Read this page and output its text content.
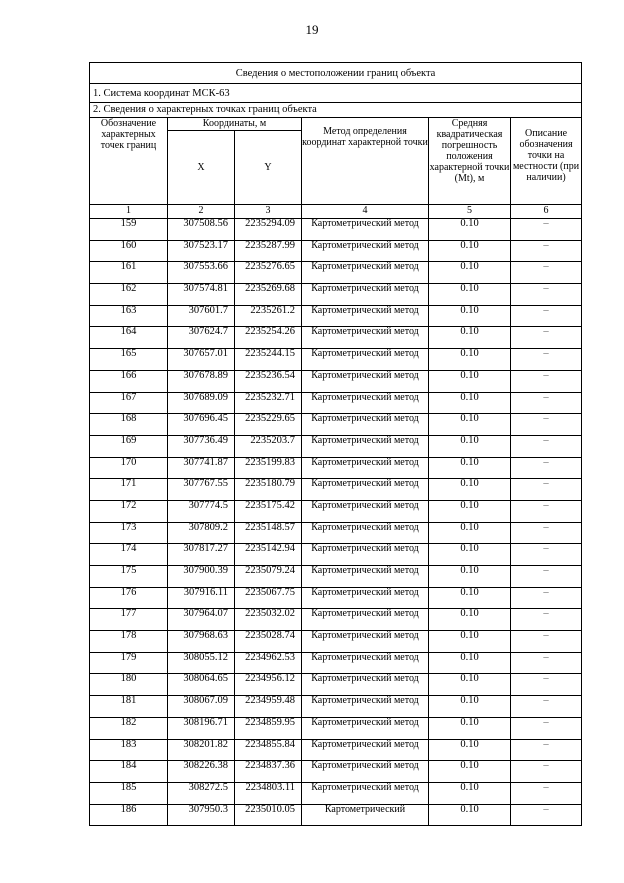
19
Сведения о местоположении границ объекта					
1. Система координат МСК-63					
2. Сведения о характерных точках границ объекта					
Обозначение характерных точек границ	Координаты, м		Метод определения координат характерной точки	Средняя квадратическая погрешность положения характерной точки (Mt), м	Описание обозначения точки на местности (при наличии)

	X	Y			
1	2	3	4	5	6
159	307508.56	2235294.09	Картометрический метод	0.10	–
160	307523.17	2235287.99	Картометрический метод	0.10	–
161	307553.66	2235276.65	Картометрический метод	0.10	–
162	307574.81	2235269.68	Картометрический метод	0.10	–
163	307601.7	2235261.2	Картометрический метод	0.10	–
164	307624.7	2235254.26	Картометрический метод	0.10	–
165	307657.01	2235244.15	Картометрический метод	0.10	–
166	307678.89	2235236.54	Картометрический метод	0.10	–
167	307689.09	2235232.71	Картометрический метод	0.10	–
168	307696.45	2235229.65	Картометрический метод	0.10	–
169	307736.49	2235203.7	Картометрический метод	0.10	–
170	307741.87	2235199.83	Картометрический метод	0.10	–
171	307767.55	2235180.79	Картометрический метод	0.10	–
172	307774.5	2235175.42	Картометрический метод	0.10	–
173	307809.2	2235148.57	Картометрический метод	0.10	–
174	307817.27	2235142.94	Картометрический метод	0.10	–
175	307900.39	2235079.24	Картометрический метод	0.10	–
176	307916.11	2235067.75	Картометрический метод	0.10	–
177	307964.07	2235032.02	Картометрический метод	0.10	–
178	307968.63	2235028.74	Картометрический метод	0.10	–
179	308055.12	2234962.53	Картометрический метод	0.10	–
180	308064.65	2234956.12	Картометрический метод	0.10	–
181	308067.09	2234959.48	Картометрический метод	0.10	–
182	308196.71	2234859.95	Картометрический метод	0.10	–
183	308201.82	2234855.84	Картометрический метод	0.10	–
184	308226.38	2234837.36	Картометрический метод	0.10	–
185	308272.5	2234803.11	Картометрический метод	0.10	–
186	307950.3	2235010.05	Картометрический	0.10	–
